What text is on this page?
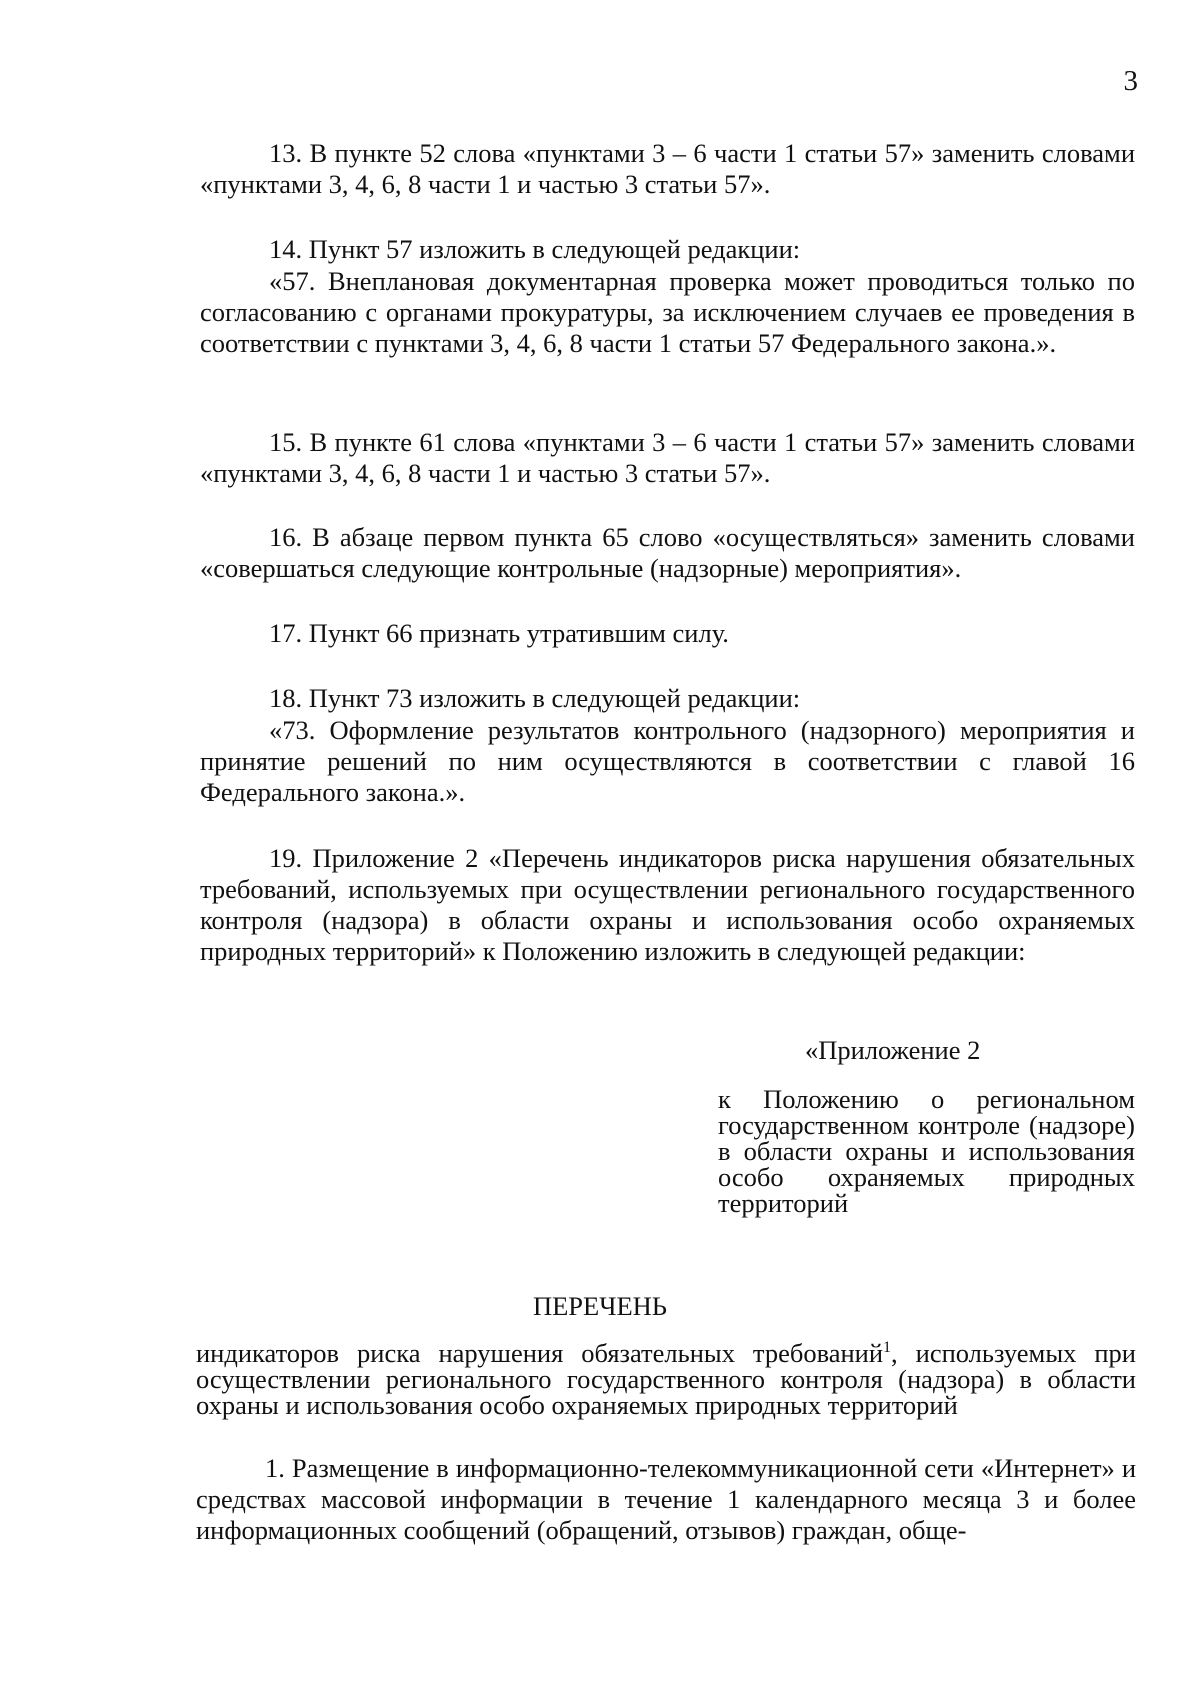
3

13. В пункте 52 слова «пунктами 3 – 6 части 1 статьи 57» заменить словами «пунктами 3, 4, 6, 8 части 1 и частью 3 статьи 57».

14. Пункт 57 изложить в следующей редакции:

«57. Внеплановая документарная проверка может проводиться только по согласованию с органами прокуратуры, за исключением случаев ее проведения в соответствии с пунктами 3, 4, 6, 8 части 1 статьи 57 Федерального закона.».

15. В пункте 61 слова «пунктами 3 – 6 части 1 статьи 57» заменить словами «пунктами 3, 4, 6, 8 части 1 и частью 3 статьи 57».

16. В абзаце первом пункта 65 слово «осуществляться» заменить словами «совершаться следующие контрольные (надзорные) мероприятия».

17. Пункт 66 признать утратившим силу.

18. Пункт 73 изложить в следующей редакции:

«73. Оформление результатов контрольного (надзорного) мероприятия и принятие решений по ним осуществляются в соответствии с главой 16 Федерального закона.».

19. Приложение 2 «Перечень индикаторов риска нарушения обязательных требований, используемых при осуществлении регионального государственного контроля (надзора) в области охраны и использования особо охраняемых природных территорий» к Положению изложить в следующей редакции:

«Приложение 2

к Положению о региональном государственном контроле (надзоре) в области охраны и использования особо охраняемых природных территорий

ПЕРЕЧЕНЬ

индикаторов риска нарушения обязательных требований$^1$, используемых при осуществлении регионального государственного контроля (надзора) в области охраны и использования особо охраняемых природных территорий

1. Размещение в информационно-телекоммуникационной сети «Интернет» и средствах массовой информации в течение 1 календарного месяца 3 и более информационных сообщений (обращений, отзывов) граждан, обще-
